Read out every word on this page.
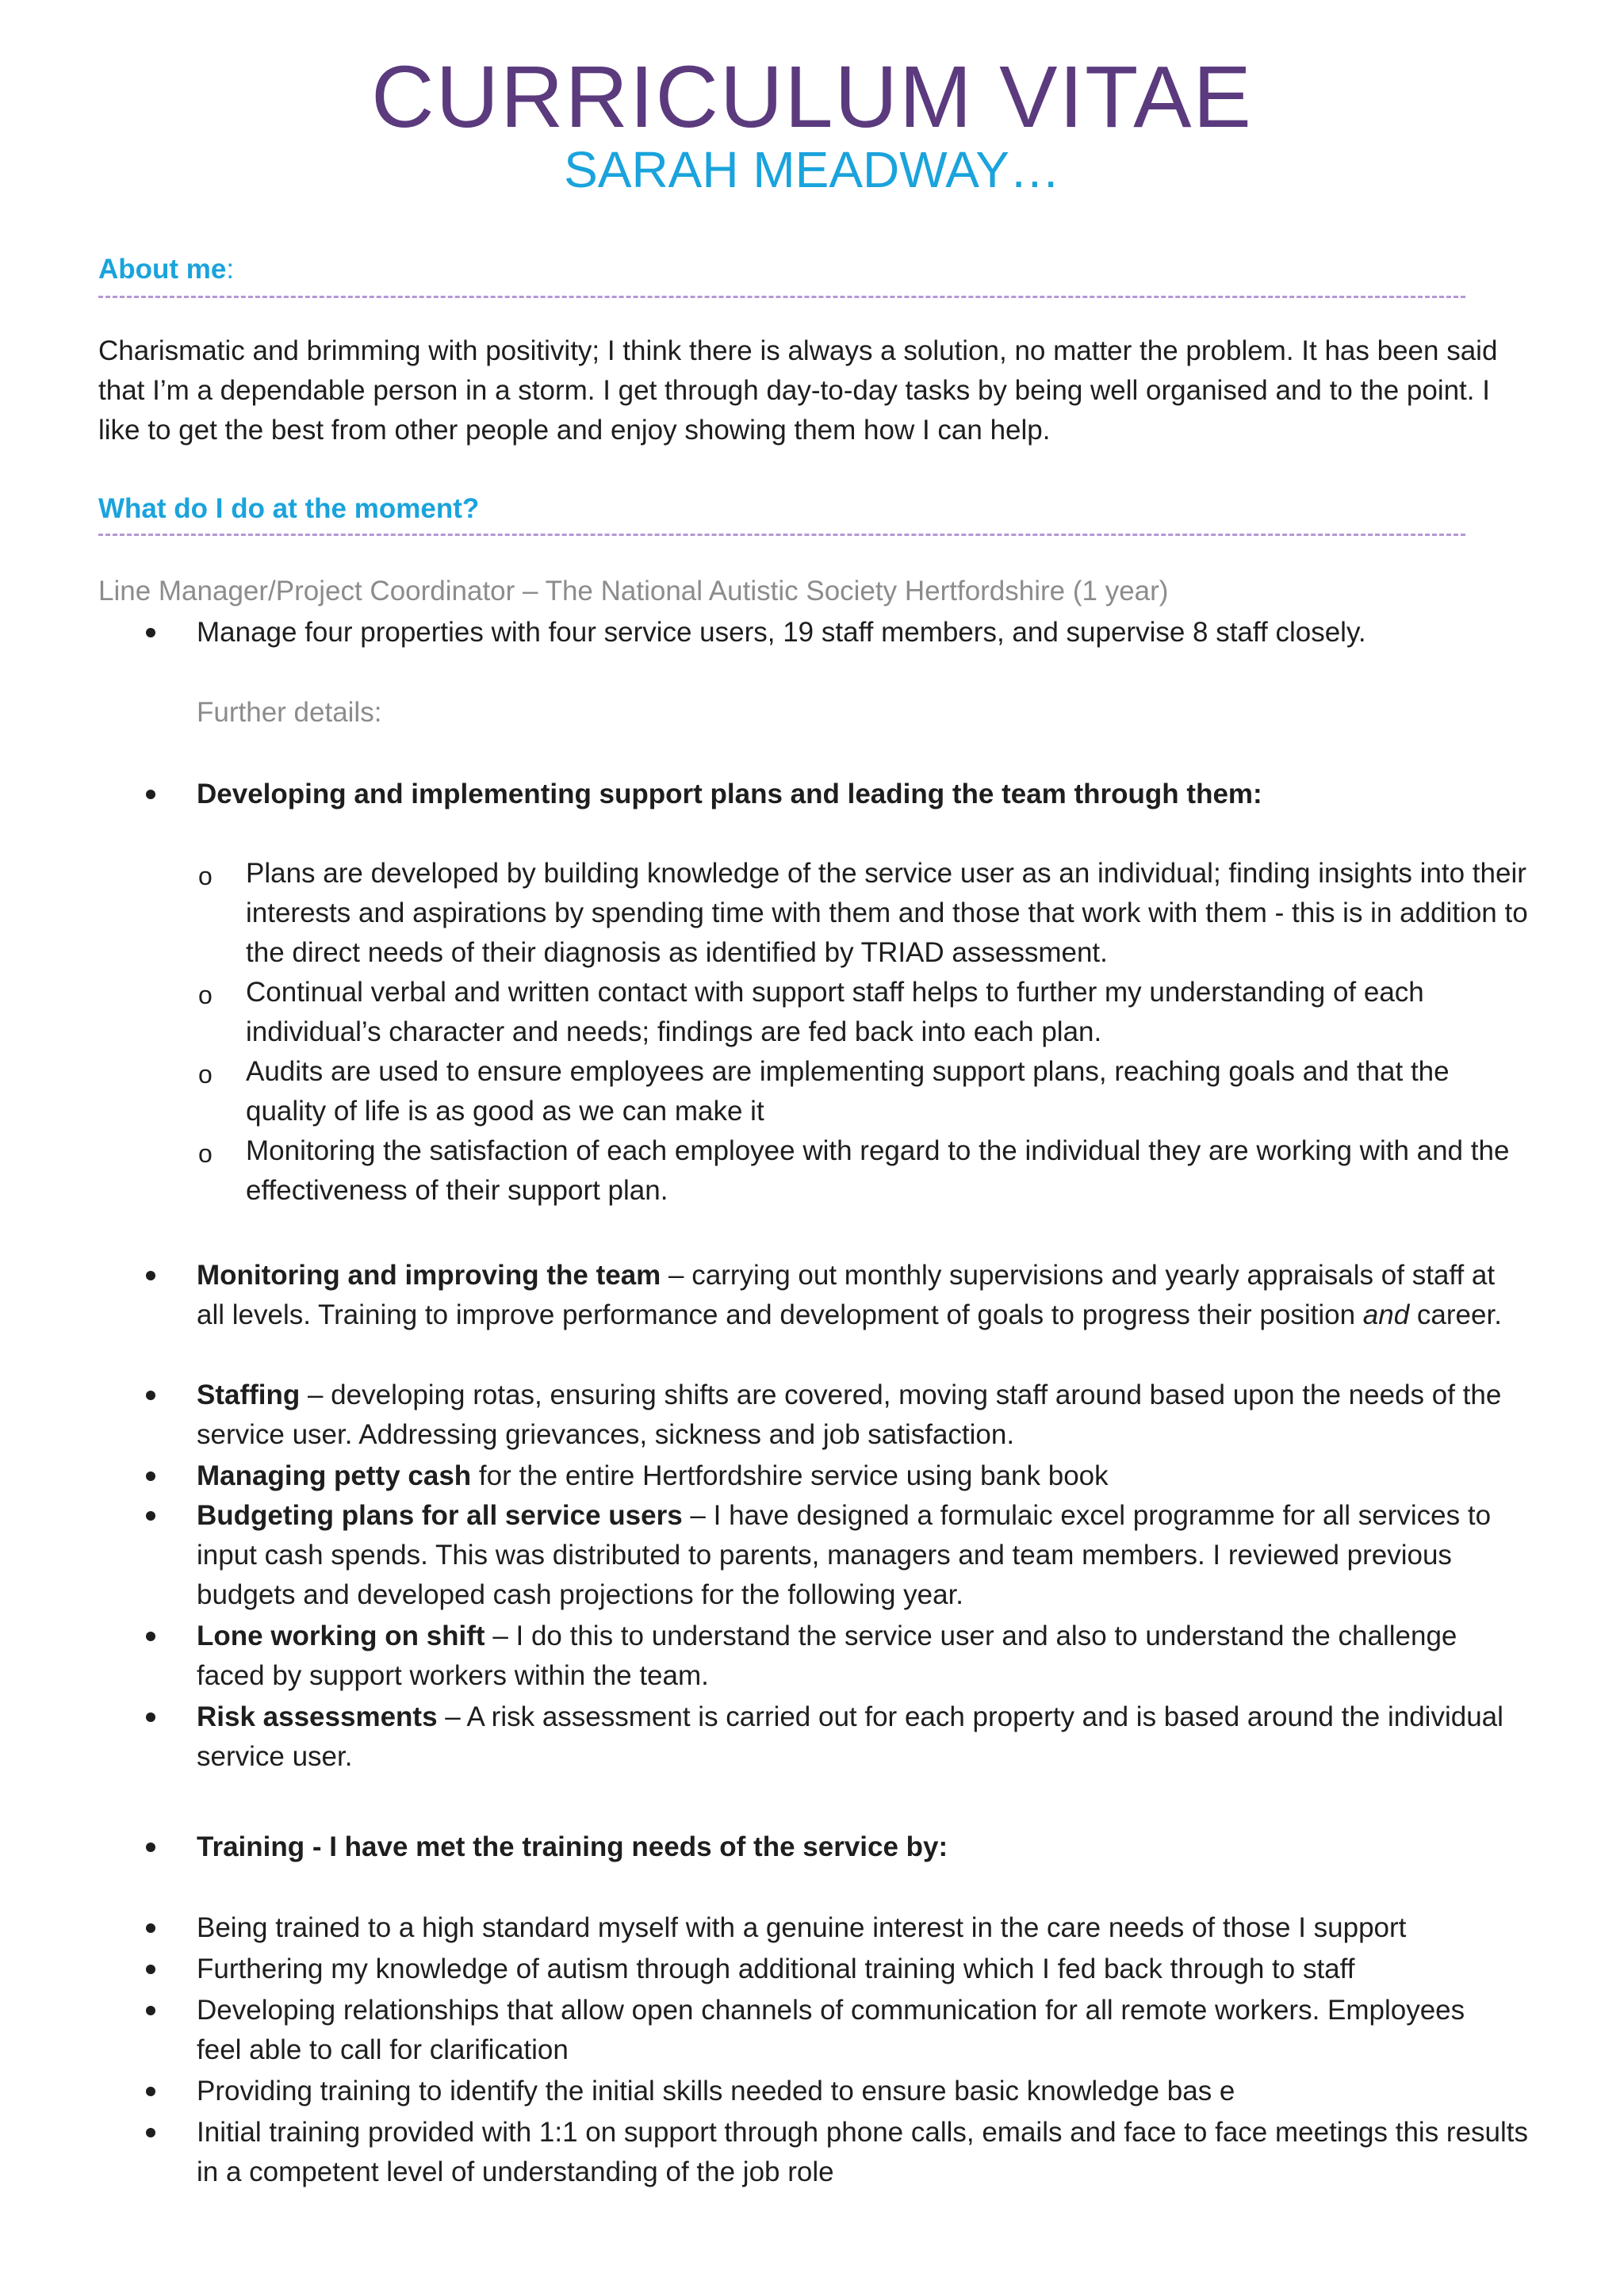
CURRICULUM VITAE
SARAH MEADWAY…
About me:
Charismatic and brimming with positivity; I think there is always a solution, no matter the problem. It has been said that I’m a dependable person in a storm. I get through day-to-day tasks by being well organised and to the point. I like to get the best from other people and enjoy showing them how I can help.
What do I do at the moment?
Line Manager/Project Coordinator – The National Autistic Society Hertfordshire (1 year)
Manage four properties with four service users, 19 staff members, and supervise 8 staff closely.
Further details:
Developing and implementing support plans and leading the team through them:
o Plans are developed by building knowledge of the service user as an individual; finding insights into their interests and aspirations by spending time with them and those that work with them - this is in addition to the direct needs of their diagnosis as identified by TRIAD assessment.
o Continual verbal and written contact with support staff helps to further my understanding of each individual’s character and needs; findings are fed back into each plan.
o Audits are used to ensure employees are implementing support plans, reaching goals and that the quality of life is as good as we can make it
o Monitoring the satisfaction of each employee with regard to the individual they are working with and the effectiveness of their support plan.
Monitoring and improving the team – carrying out monthly supervisions and yearly appraisals of staff at all levels. Training to improve performance and development of goals to progress their position and career.
Staffing – developing rotas, ensuring shifts are covered, moving staff around based upon the needs of the service user. Addressing grievances, sickness and job satisfaction.
Managing petty cash for the entire Hertfordshire service using bank book
Budgeting plans for all service users – I have designed a formulaic excel programme for all services to input cash spends. This was distributed to parents, managers and team members. I reviewed previous budgets and developed cash projections for the following year.
Lone working on shift – I do this to understand the service user and also to understand the challenge faced by support workers within the team.
Risk assessments – A risk assessment is carried out for each property and is based around the individual service user.
Training - I have met the training needs of the service by:
Being trained to a high standard myself with a genuine interest in the care needs of those I support
Furthering my knowledge of autism through additional training which I fed back through to staff
Developing relationships that allow open channels of communication for all remote workers. Employees feel able to call for clarification
Providing training to identify the initial skills needed to ensure basic knowledge bas e
Initial training provided with 1:1 on support through phone calls, emails and face to face meetings this results in a competent level of understanding of the job role
